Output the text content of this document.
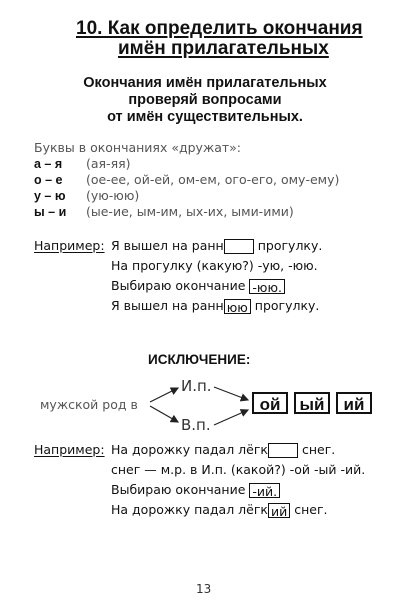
10. Как определить окончания
имён прилагательных
Окончания имён прилагательных
проверяй вопросами
от имён существительных.
Буквы в окончаниях «дружат»:
а – я (ая-яя)
о – е (ое-ее, ой-ей, ом-ем, ого-его, ому-ему)
у – ю (ую-юю)
ы – и (ые-ие, ым-им, ых-их, ыми-ими)
Например: Я вышел на ранн	прогулку.
На прогулку (какую?) -ую, -юю.
Выбираю окончание -юю.
Я вышел на ранн юю прогулку.
ИСКЛЮЧЕНИЕ:
мужской род в
И.п.
В.п.
ой	ый	ий
Например: На дорожку падал лёгк	снег.
снег — м.р. в И.п. (какой?) -ой -ый -ий.
Выбираю окончание -ий.
На дорожку падал лёгк ий снег.
13
